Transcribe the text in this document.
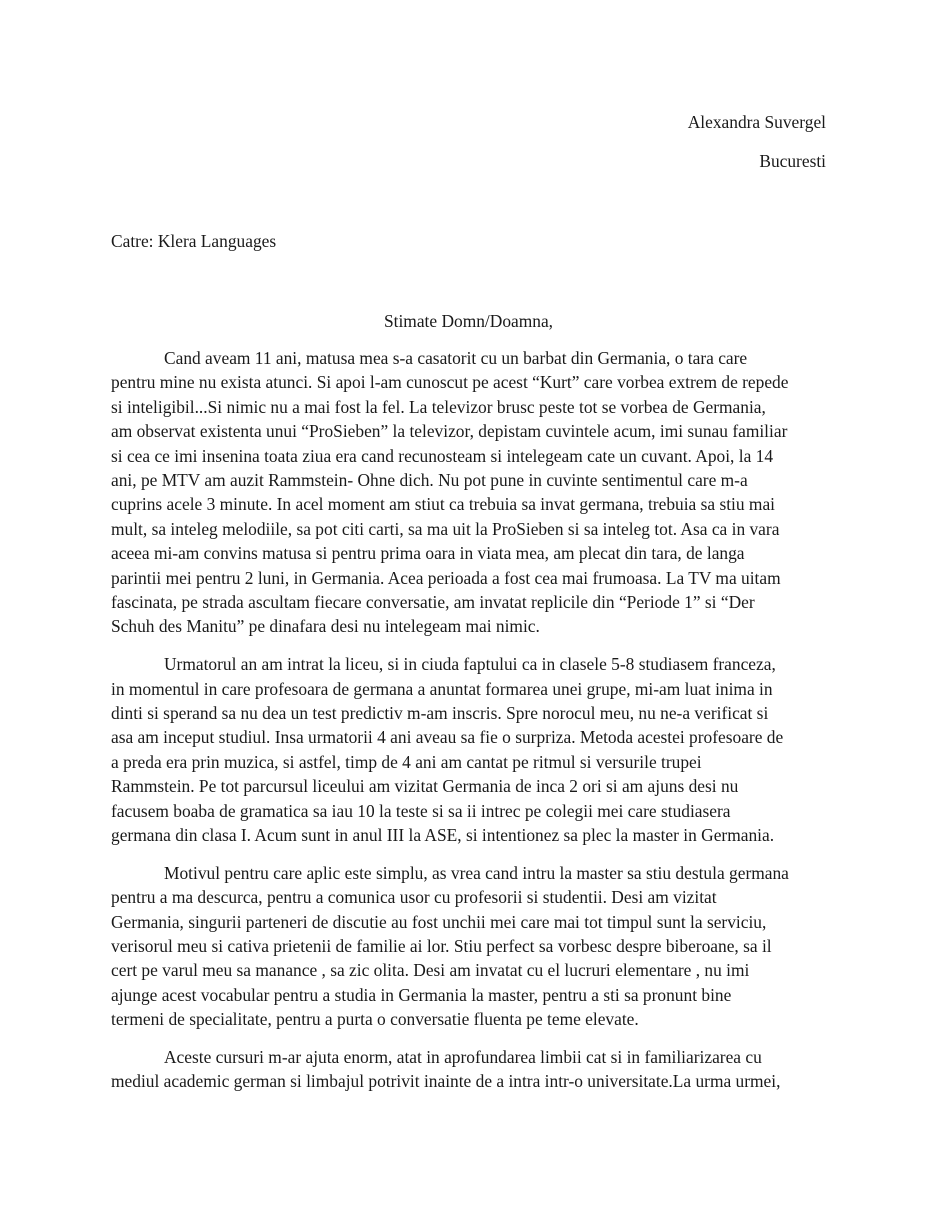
Alexandra Suvergel
Bucuresti
Catre: Klera Languages
Stimate Domn/Doamna,
Cand aveam 11 ani, matusa mea s-a casatorit cu un barbat din Germania, o tara care
pentru mine nu exista atunci. Si apoi l-am cunoscut pe acest “Kurt” care vorbea extrem de repede
si inteligibil...Si nimic nu a mai fost la fel. La televizor brusc peste tot se vorbea de Germania,
am observat existenta unui “ProSieben” la televizor, depistam cuvintele acum, imi sunau familiar
si cea ce imi insenina toata ziua era cand recunosteam si intelegeam cate un cuvant. Apoi, la 14
ani, pe MTV am auzit Rammstein- Ohne dich. Nu pot pune in cuvinte sentimentul care m-a
cuprins acele 3 minute. In acel moment am stiut ca trebuia sa invat germana, trebuia sa stiu mai
mult, sa inteleg melodiile, sa pot citi carti, sa ma uit la ProSieben si sa inteleg tot. Asa ca in vara
aceea mi-am convins matusa si pentru prima oara in viata mea, am plecat din tara, de langa
parintii mei pentru 2 luni, in Germania. Acea perioada a fost cea mai frumoasa. La TV ma uitam
fascinata, pe strada ascultam fiecare conversatie, am invatat replicile din “Periode 1” si “Der
Schuh des Manitu” pe dinafara desi nu intelegeam mai nimic.
Urmatorul an am intrat la liceu, si in ciuda faptului ca in clasele 5-8 studiasem franceza,
in momentul in care profesoara de germana a anuntat formarea unei grupe, mi-am luat inima in
dinti si sperand sa nu dea un test predictiv m-am inscris. Spre norocul meu, nu ne-a verificat si
asa am inceput studiul. Insa urmatorii 4 ani aveau sa fie o surpriza. Metoda acestei profesoare de
a preda era prin muzica, si astfel, timp de 4 ani am cantat pe ritmul si versurile trupei
Rammstein. Pe tot parcursul liceului am vizitat Germania de inca 2 ori si am ajuns desi nu
facusem boaba de gramatica sa iau 10 la teste si sa ii intrec pe colegii mei care studiasera
germana din clasa I. Acum sunt in anul III la ASE, si intentionez sa plec la master in Germania.
Motivul pentru care aplic este simplu, as vrea cand intru la master sa stiu destula germana
pentru a ma descurca, pentru a comunica usor cu profesorii si studentii. Desi am vizitat
Germania, singurii parteneri de discutie au fost unchii mei care mai tot timpul sunt la serviciu,
verisorul meu si cativa prietenii de familie ai lor. Stiu perfect sa vorbesc despre biberoane, sa il
cert pe varul meu sa manance , sa zic olita. Desi am invatat cu el lucruri elementare , nu imi
ajunge acest vocabular pentru a studia in Germania la master, pentru a sti sa pronunt bine
termeni de specialitate, pentru a purta o conversatie fluenta pe teme elevate.
Aceste cursuri m-ar ajuta enorm, atat in aprofundarea limbii cat si in familiarizarea cu
mediul academic german si limbajul potrivit inainte de a intra intr-o universitate.La urma urmei,
